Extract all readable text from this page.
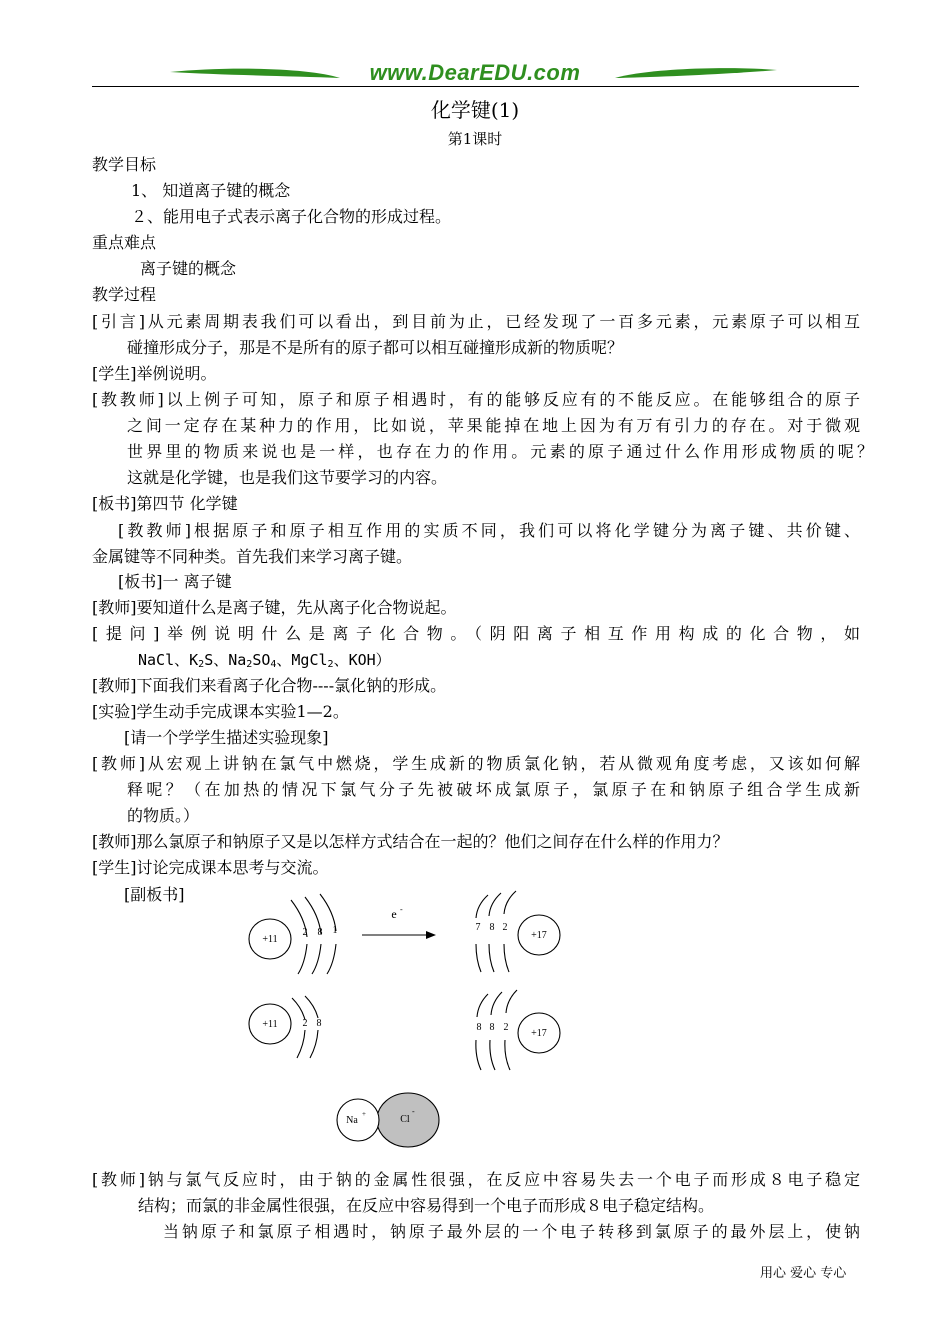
www.DearEDU.com
化学键(1)
第1课时
教学目标
1、 知道离子键的概念
２、能用电子式表示离子化合物的形成过程。
重点难点
离子键的概念
教学过程
[引言]从元素周期表我们可以看出，到目前为止，已经发现了一百多元素，元素原子可以相互
碰撞形成分子，那是不是所有的原子都可以相互碰撞形成新的物质呢？
[学生]举例说明。
[教教师]以上例子可知，原子和原子相遇时，有的能够反应有的不能反应。在能够组合的原子
之间一定存在某种力的作用，比如说，苹果能掉在地上因为有万有引力的存在。对于微观
世界里的物质来说也是一样，也存在力的作用。元素的原子通过什么作用形成物质的呢？
这就是化学键，也是我们这节要学习的内容。
[板书]第四节 化学键
[教教师]根据原子和原子相互作用的实质不同，我们可以将化学键分为离子键、共价键、
金属键等不同种类。首先我们来学习离子键。
[板书]一 离子键
[教师]要知道什么是离子键，先从离子化合物说起。
[提问]举例说明什么是离子化合物。（阴阳离子相互作用构成的化合物，如
NaCl、$K_2S$、$Na_2SO_4$、MgCl$_2$、KOH）
[教师]下面我们来看离子化合物----氯化钠的形成。
[实验]学生动手完成课本实验1—2。
[请一个学学生描述实验现象]
[教师]从宏观上讲钠在氯气中燃烧，学生成新的物质氯化钠，若从微观角度考虑，又该如何解
释呢？（在加热的情况下氯气分子先被破坏成氯原子，氯原子在和钠原子组合学生成新
的物质。）
[教师]那么氯原子和钠原子又是以怎样方式结合在一起的？他们之间存在什么样的作用力？
[学生]讨论完成课本思考与交流。
[副板书]
+11
2 8 1
e -
7 8 2
+17
+11 2 8	8 8 2
+17
Na
+	Cl
-
[教师]钠与氯气反应时，由于钠的金属性很强，在反应中容易失去一个电子而形成８电子稳定
结构；而氯的非金属性很强，在反应中容易得到一个电子而形成８电子稳定结构。
当钠原子和氯原子相遇时，钠原子最外层的一个电子转移到氯原子的最外层上，使钠
用心 爱心 专心
